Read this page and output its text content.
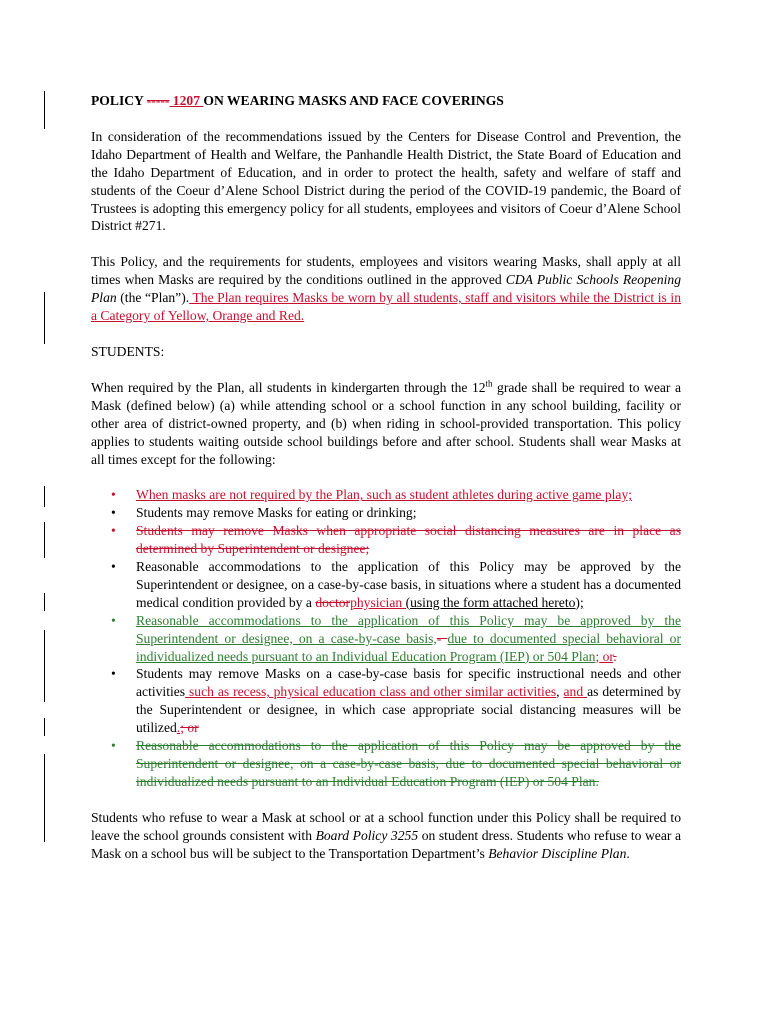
POLICY ----- 1207 ON WEARING MASKS AND FACE COVERINGS

In consideration of the recommendations issued by the Centers for Disease Control and Prevention, the Idaho Department of Health and Welfare, the Panhandle Health District, the State Board of Education and the Idaho Department of Education, and in order to protect the health, safety and welfare of staff and students of the Coeur d’Alene School District during the period of the COVID-19 pandemic, the Board of Trustees is adopting this emergency policy for all students, employees and visitors of Coeur d’Alene School District #271.

This Policy, and the requirements for students, employees and visitors wearing Masks, shall apply at all times when Masks are required by the conditions outlined in the approved CDA Public Schools Reopening Plan (the “Plan”). The Plan requires Masks be worn by all students, staff and visitors while the District is in a Category of Yellow, Orange and Red.

STUDENTS:

When required by the Plan, all students in kindergarten through the 12th grade shall be required to wear a Mask (defined below) (a) while attending school or a school function in any school building, facility or other area of district-owned property, and (b) when riding in school-provided transportation. This policy applies to students waiting outside school buildings before and after school. Students shall wear Masks at all times except for the following:

• When masks are not required by the Plan, such as student athletes during active game play;
• Students may remove Masks for eating or drinking;
• Students may remove Masks when appropriate social distancing measures are in place as determined by Superintendent or designee;
• Reasonable accommodations to the application of this Policy may be approved by the Superintendent or designee, on a case-by-case basis, in situations where a student has a documented medical condition provided by a doctorphysician (using the form attached hereto);
• Reasonable accommodations to the application of this Policy may be approved by the Superintendent or designee, on a case-by-case basis,- due to documented special behavioral or individualized needs pursuant to an Individual Education Program (IEP) or 504 Plan; or.
• Students may remove Masks on a case-by-case basis for specific instructional needs and other activities such as recess, physical education class and other similar activities, and as determined by the Superintendent or designee, in which case appropriate social distancing measures will be utilized.; or
• Reasonable accommodations to the application of this Policy may be approved by the Superintendent or designee, on a case-by-case basis, due to documented special behavioral or individualized needs pursuant to an Individual Education Program (IEP) or 504 Plan.

Students who refuse to wear a Mask at school or at a school function under this Policy shall be required to leave the school grounds consistent with Board Policy 3255 on student dress. Students who refuse to wear a Mask on a school bus will be subject to the Transportation Department’s Behavior Discipline Plan.
